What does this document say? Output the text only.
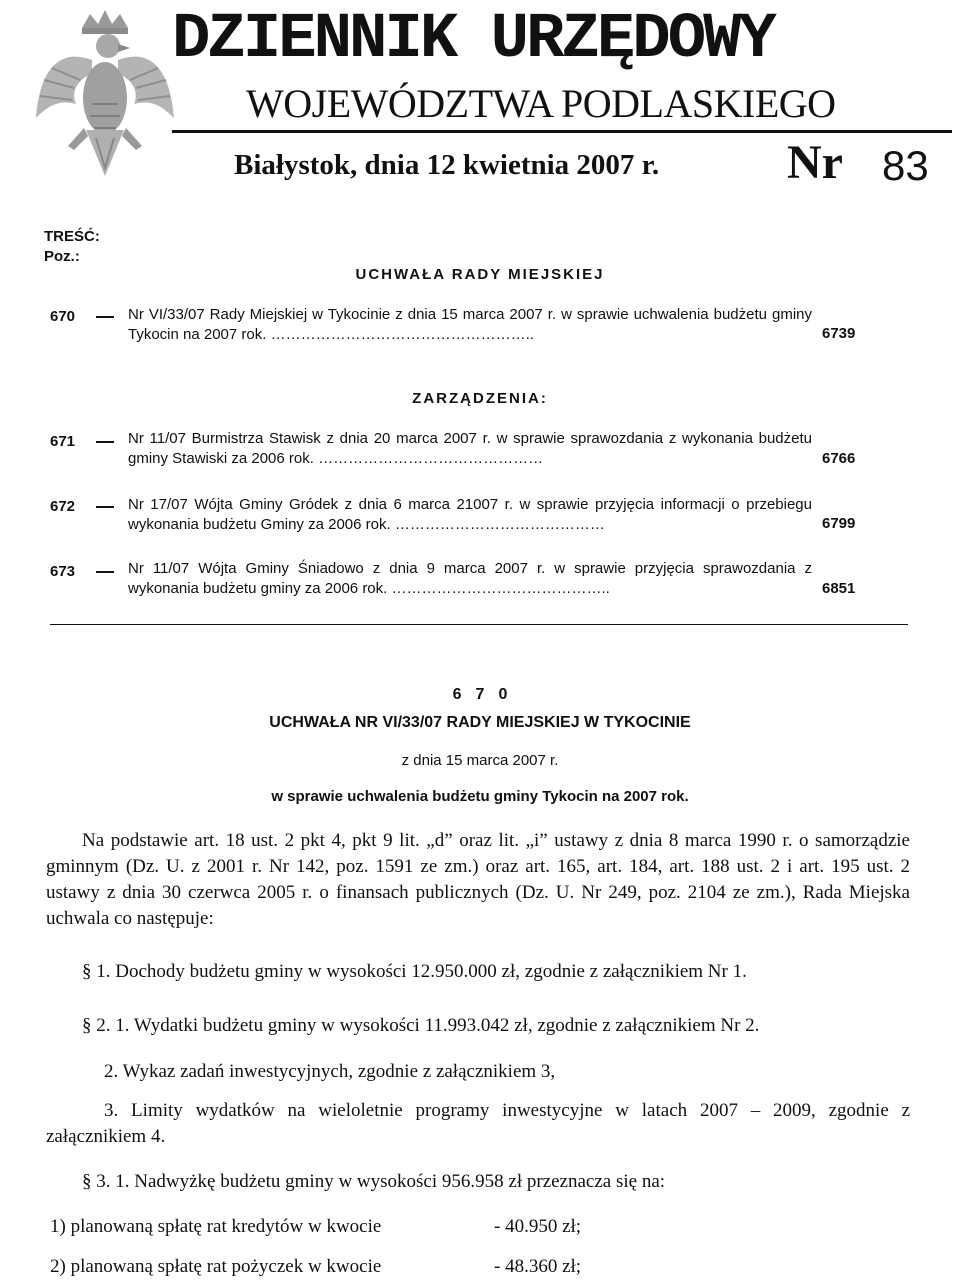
DZIENNIK URZĘDOWY
WOJEWÓDZTWA PODLASKIEGO
Białystok, dnia 12 kwietnia 2007 r.	Nr 83
TREŚĆ:
Poz.:
UCHWAŁA RADY MIEJSKIEJ
670	Nr VI/33/07 Rady Miejskiej w Tykocinie z dnia 15 marca 2007 r. w sprawie uchwalenia budżetu gminy Tykocin na 2007 rok. ……………………………………………..	6739
ZARZĄDZENIA:
671	Nr 11/07 Burmistrza Stawisk z dnia 20 marca 2007 r. w sprawie sprawozdania z wykonania budżetu gminy Stawiski za 2006 rok. ………………………………………	6766
672	Nr 17/07 Wójta Gminy Gródek z dnia 6 marca 21007 r. w sprawie przyjęcia informacji o przebiegu wykonania budżetu Gminy za 2006 rok. ……………………………………	6799
673	Nr 11/07 Wójta Gminy Śniadowo z dnia 9 marca 2007 r. w sprawie przyjęcia sprawozdania z wykonania budżetu gminy za 2006 rok. ……………………………………..	6851
670
UCHWAŁA NR VI/33/07 RADY MIEJSKIEJ W TYKOCINIE
z dnia 15 marca 2007 r.
w sprawie uchwalenia budżetu gminy Tykocin na 2007 rok.
Na podstawie art. 18 ust. 2 pkt 4, pkt 9 lit. „d” oraz lit. „i” ustawy z dnia 8 marca 1990 r. o samorządzie gminnym (Dz. U. z 2001 r. Nr 142, poz. 1591 ze zm.) oraz art. 165, art. 184, art. 188 ust. 2 i art. 195 ust. 2 ustawy z dnia 30 czerwca 2005 r. o finansach publicznych (Dz. U. Nr 249, poz. 2104 ze zm.), Rada Miejska uchwala co następuje:
§ 1. Dochody budżetu gminy w wysokości 12.950.000 zł, zgodnie z załącznikiem Nr 1.
§ 2. 1. Wydatki budżetu gminy w wysokości 11.993.042 zł, zgodnie z załącznikiem Nr 2.
2. Wykaz zadań inwestycyjnych, zgodnie z załącznikiem 3,
3. Limity wydatków na wieloletnie programy inwestycyjne w latach 2007 – 2009, zgodnie z załącznikiem 4.
§ 3. 1. Nadwyżkę budżetu gminy w wysokości 956.958 zł przeznacza się na:
1) planowaną spłatę rat kredytów w kwocie	- 40.950 zł;
2) planowaną spłatę rat pożyczek w kwocie	- 48.360 zł;
